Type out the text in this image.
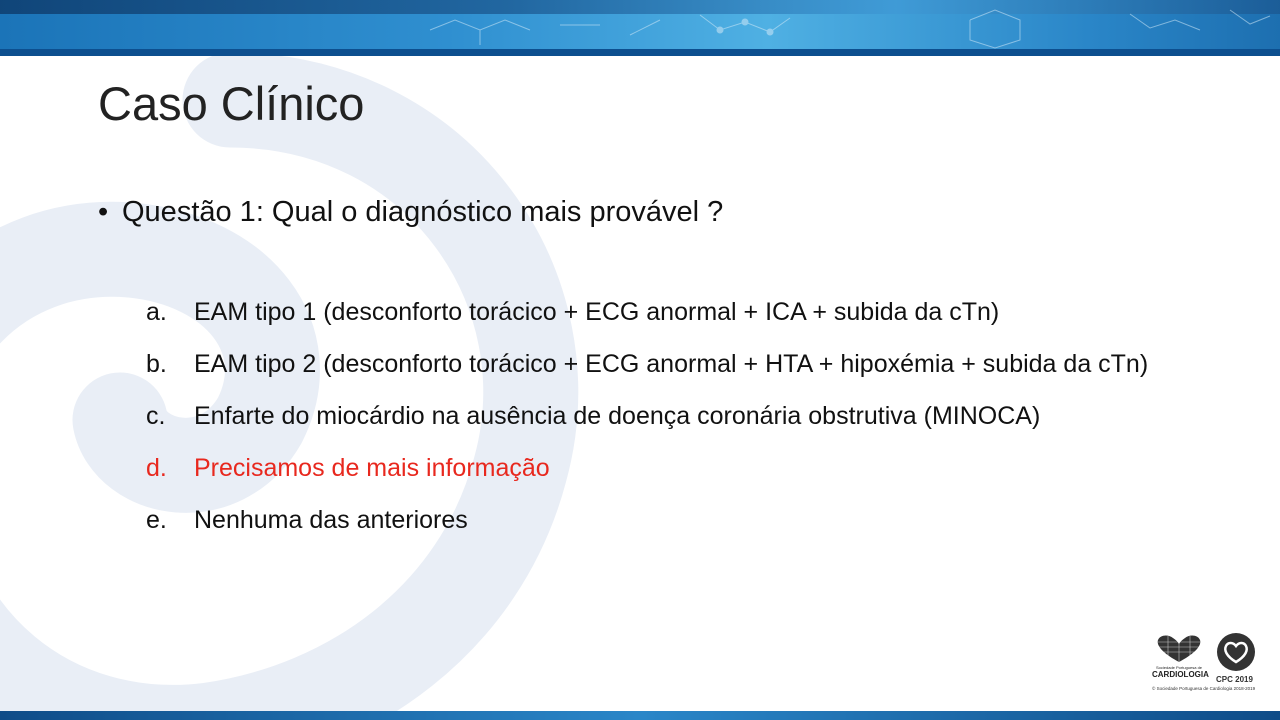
Caso Clínico
• Questão 1: Qual o diagnóstico mais provável ?
a. EAM tipo 1 (desconforto torácico + ECG anormal + ICA + subida da cTn)
b. EAM tipo 2 (desconforto torácico + ECG anormal + HTA + hipoxémia + subida da cTn)
c. Enfarte do miocárdio na ausência de doença coronária obstrutiva (MINOCA)
d. Precisamos de mais informação
e. Nenhuma das anteriores
Sociedade Portuguesa de
CARDIOLOGIA
© Sociedade Portuguesa de Cardiologia 2018-2019
CPC 2019
